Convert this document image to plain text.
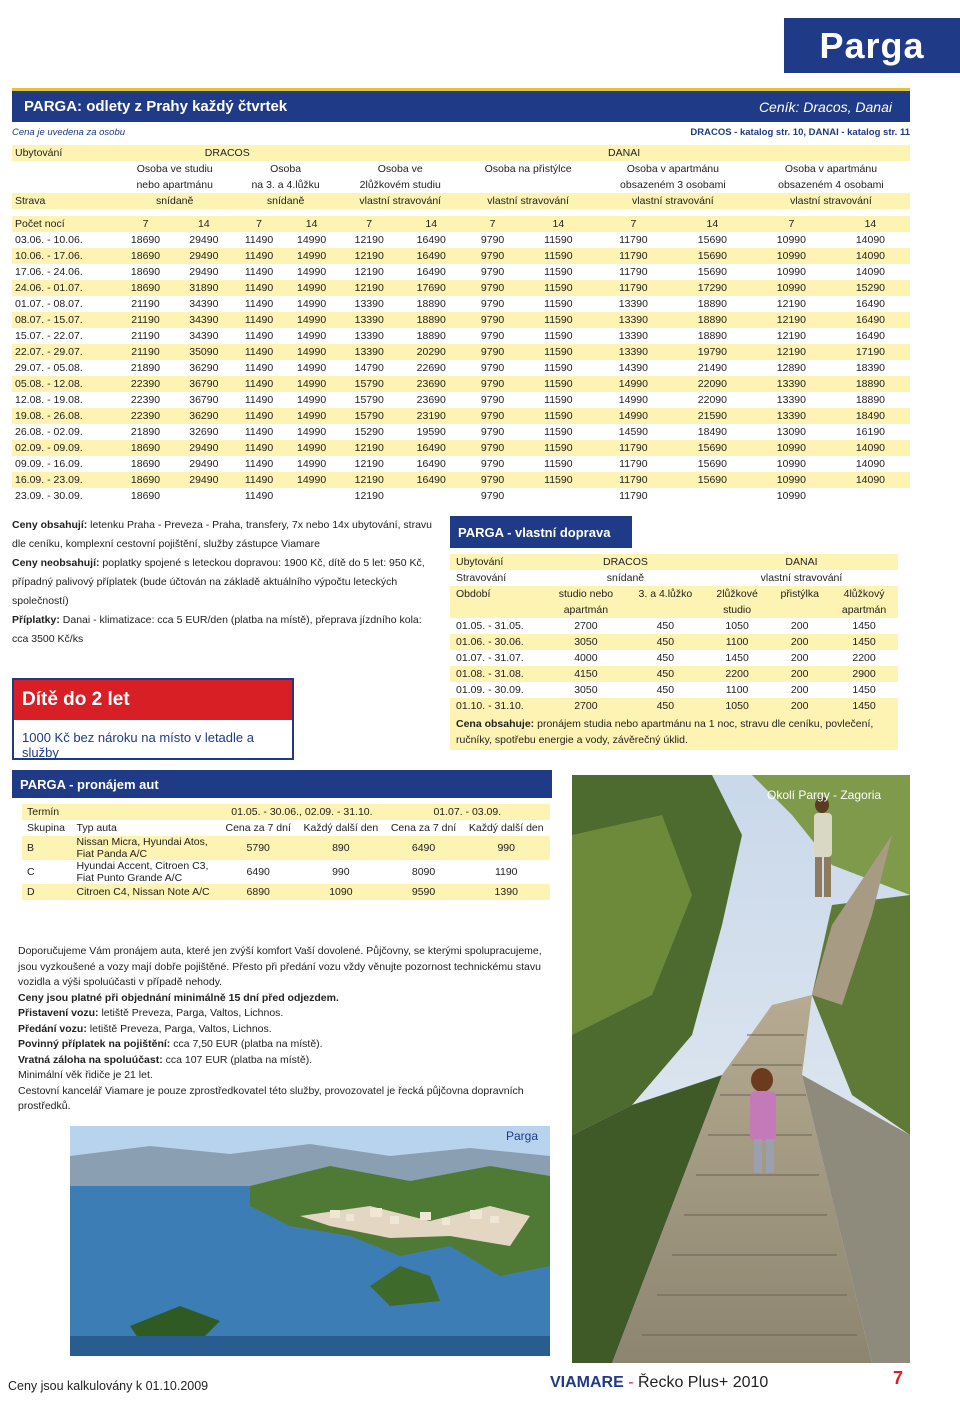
Parga
PARGA: odlety z Prahy každý čtvrtek	Ceník: Dracos, Danai
Cena je uvedena za osobu	DRACOS - katalog str. 10, DANAI - katalog str. 11
Ubytování	DRACOS				DANAI							
	Osoba ve studiu		Osoba		Osoba ve		Osoba na přistýlce		Osoba v apartmánu		Osoba v apartmánu	
	nebo apartmánu		na 3. a 4.lůžku		2lůžkovém studiu				obsazeném 3 osobami		obsazeném 4 osobami	
Strava	snídaně		snídaně		vlastní stravování		vlastní stravování		vlastní stravování		vlastní stravování	

Počet nocí	7	14	7	14	7	14	7	14	7	14	7	14
03.06. - 10.06.	18690	29490	11490	14990	12190	16490	9790	11590	11790	15690	10990	14090
10.06. - 17.06.	18690	29490	11490	14990	12190	16490	9790	11590	11790	15690	10990	14090
17.06. - 24.06.	18690	29490	11490	14990	12190	16490	9790	11590	11790	15690	10990	14090
24.06. - 01.07.	18690	31890	11490	14990	12190	17690	9790	11590	11790	17290	10990	15290
01.07. - 08.07.	21190	34390	11490	14990	13390	18890	9790	11590	13390	18890	12190	16490
08.07. - 15.07.	21190	34390	11490	14990	13390	18890	9790	11590	13390	18890	12190	16490
15.07. - 22.07.	21190	34390	11490	14990	13390	18890	9790	11590	13390	18890	12190	16490
22.07. - 29.07.	21190	35090	11490	14990	13390	20290	9790	11590	13390	19790	12190	17190
29.07. - 05.08.	21890	36290	11490	14990	14790	22690	9790	11590	14390	21490	12890	18390
05.08. - 12.08.	22390	36790	11490	14990	15790	23690	9790	11590	14990	22090	13390	18890
12.08. - 19.08.	22390	36790	11490	14990	15790	23690	9790	11590	14990	22090	13390	18890
19.08. - 26.08.	22390	36290	11490	14990	15790	23190	9790	11590	14990	21590	13390	18490
26.08. - 02.09.	21890	32690	11490	14990	15290	19590	9790	11590	14590	18490	13090	16190
02.09. - 09.09.	18690	29490	11490	14990	12190	16490	9790	11590	11790	15690	10990	14090
09.09. - 16.09.	18690	29490	11490	14990	12190	16490	9790	11590	11790	15690	10990	14090
16.09. - 23.09.	18690	29490	11490	14990	12190	16490	9790	11590	11790	15690	10990	14090
23.09. - 30.09.	18690		11490		12190		9790		11790		10990	
Ceny obsahují: letenku Praha - Preveza - Praha, transfery, 7x nebo 14x ubytování, stravu dle ceníku, komplexní cestovní pojištění, služby zástupce Viamare
Ceny neobsahují: poplatky spojené s leteckou dopravou: 1900 Kč, dítě do 5 let: 950 Kč, případný palivový příplatek (bude účtován na základě aktuálního výpočtu leteckých společností)
Příplatky: Danai - klimatizace: cca 5 EUR/den (platba na místě), přeprava jízdního kola: cca 3500 Kč/ks
Dítě do 2 let
1000 Kč bez nároku na místo v letadle a služby
PARGA - vlastní doprava
Ubytování	DRACOS		DANAI		
Stravování	snídaně		vlastní stravování		
Období	studio nebo	3. a 4.lůžko	2lůžkové	přistýlka	4lůžkový
	apartmán		studio		apartmán
01.05. - 31.05.	2700	450	1050	200	1450
01.06. - 30.06.	3050	450	1100	200	1450
01.07. - 31.07.	4000	450	1450	200	2200
01.08. - 31.08.	4150	450	2200	200	2900
01.09. - 30.09.	3050	450	1100	200	1450
01.10. - 31.10.	2700	450	1050	200	1450
Cena obsahuje: pronájem studia nebo apartmánu na 1 noc, stravu dle ceníku, povlečení, ručníky, spotřebu energie a vody, závěrečný úklid.
PARGA - pronájem aut
Termín		01.05. - 30.06., 02.09. - 31.10.		01.07. - 03.09.	
Skupina	Typ auta	Cena za 7 dní	Každý další den	Cena za 7 dní	Každý další den
B	Nissan Micra, Hyundai Atos,
Fiat Panda A/C	5790	890	6490	990
C	Hyundai Accent, Citroen C3,
Fiat Punto Grande A/C	6490	990	8090	1190
D	Citroen C4, Nissan Note A/C	6890	1090	9590	1390
Doporučujeme Vám pronájem auta, které jen zvýší komfort Vaší dovolené. Půjčovny, se kterými spolupracujeme, jsou vyzkoušené a vozy mají dobře pojištěné. Přesto při předání vozu vždy věnujte pozornost technickému stavu vozidla a výši spoluúčasti v případě nehody.
Ceny jsou platné při objednání minimálně 15 dní před odjezdem.
Přistavení vozu: letiště Preveza, Parga, Valtos, Lichnos.
Předání vozu: letiště Preveza, Parga, Valtos, Lichnos.
Povinný příplatek na pojištění: cca 7,50 EUR (platba na místě).
Vratná záloha na spoluúčast: cca 107 EUR (platba na místě).
Minimální věk řidiče je 21 let.
Cestovní kancelář Viamare je pouze zprostředkovatel této služby, provozovatel je řecká půjčovna dopravních prostředků.
Okolí Pargy - Zagoria
Parga
Ceny jsou kalkulovány k 01.10.2009	VIAMARE - Řecko Plus+ 2010	7
